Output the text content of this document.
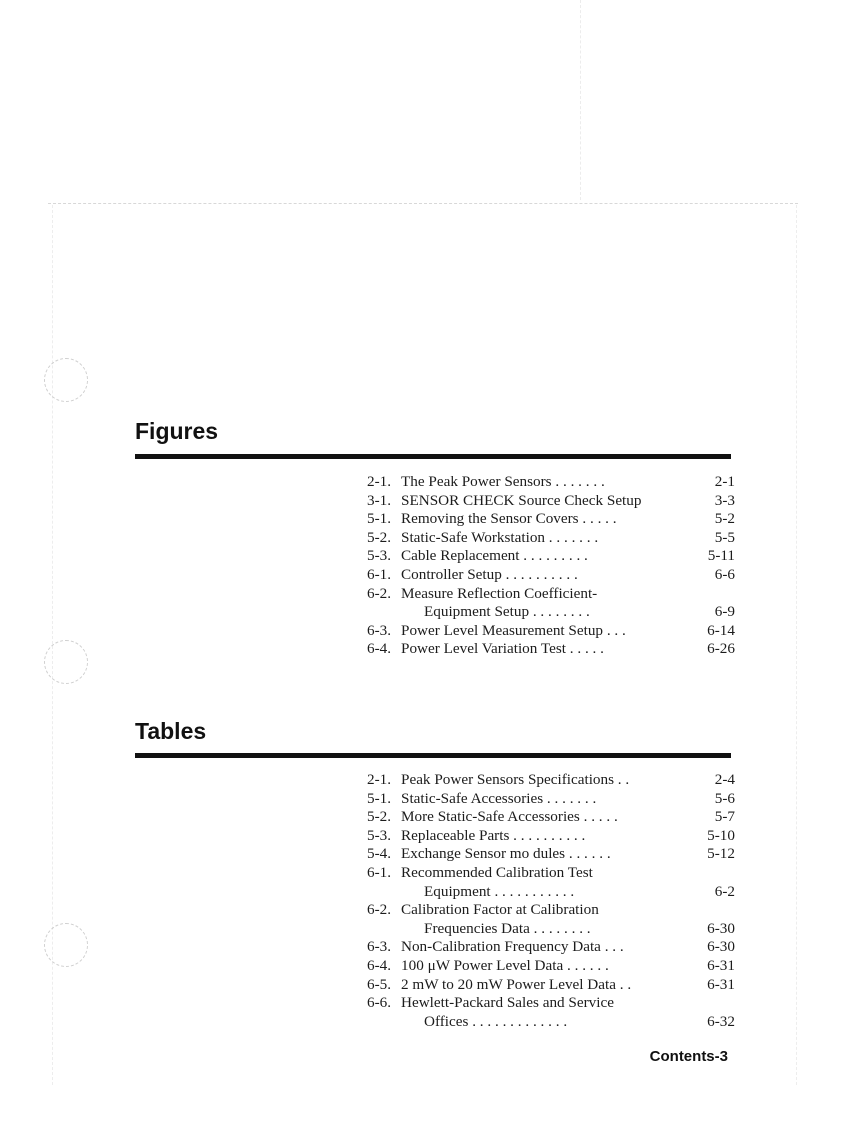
Figures
2-1. The Peak Power Sensors . . . . . . .	2-1
3-1. SENSOR CHECK Source Check Setup	3-3
5-1. Removing the Sensor Covers . . . . .	5-2
5-2. Static-Safe Workstation . . . . . . .	5-5
5-3. Cable Replacement . . . . . . . . .	5-11
6-1. Controller Setup . . . . . . . . . .	6-6
6-2. Measure Reflection Coefficient-
Equipment Setup . . . . . . . .	6-9
6-3. Power Level Measurement Setup . . .	6-14
6-4. Power Level Variation Test . . . . .	6-26
Tables
2-1. Peak Power Sensors Specifications . .	2-4
5-1. Static-Safe Accessories . . . . . . .	5-6
5-2. More Static-Safe Accessories . . . . .	5-7
5-3. Replaceable Parts . . . . . . . . . .	5-10
5-4. Exchange Sensor mo dules . . . . . .	5-12
6-1. Recommended Calibration Test
Equipment . . . . . . . . . . .	6-2
6-2. Calibration Factor at Calibration
Frequencies Data . . . . . . . .	6-30
6-3. Non-Calibration Frequency Data . . .	6-30
6-4. 100 μW Power Level Data . . . . . .	6-31
6-5. 2 mW to 20 mW Power Level Data . .	6-31
6-6. Hewlett-Packard Sales and Service
Offices . . . . . . . . . . . . .	6-32
Contents-3
